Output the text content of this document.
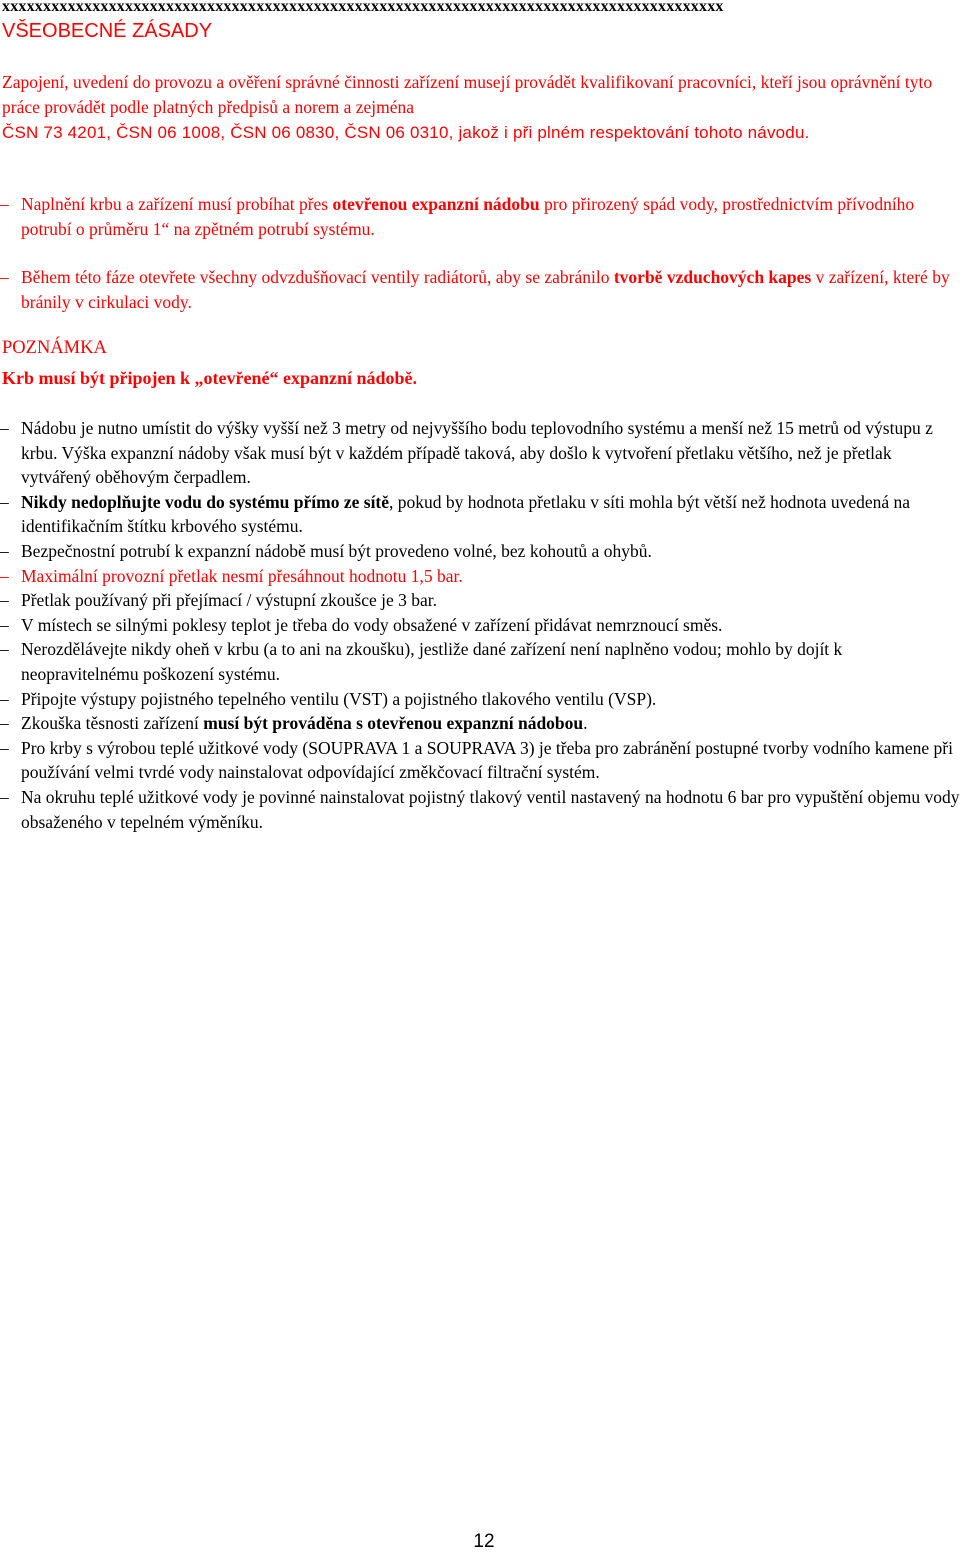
xxxxxxxxxxxxxxxxxxxxxxxxxxxxxxxxxxxxxxxxxxxxxxxxxxxxxxxxxxxxxxxxxxxxxxxxxxxxxxxxxxxxxxxx
VŠEOBECNÉ ZÁSADY
Zapojení, uvedení do provozu a ověření správné činnosti zařízení musejí provádět kvalifikovaní pracovníci, kteří jsou oprávnění tyto práce provádět podle platných předpisů a norem a zejména
ČSN 73 4201, ČSN 06 1008, ČSN 06 0830, ČSN 06 0310, jakož i při plném respektování tohoto návodu.
– Naplnění krbu a zařízení musí probíhat přes otevřenou expanzní nádobu pro přirozený spád vody, prostřednictvím přívodního potrubí o průměru 1“ na zpětném potrubí systému.
– Během této fáze otevřete všechny odvzdušňovací ventily radiátorů, aby se zabránilo tvorbě vzduchových kapes v zařízení, které by bránily v cirkulaci vody.
POZNÁMKA
Krb musí být připojen k „otevřené“ expanzní nádobě.
– Nádobu je nutno umístit do výšky vyšší než 3 metry od nejvyššího bodu teplovodního systému a menší než 15 metrů od výstupu z krbu. Výška expanzní nádoby však musí být v každém případě taková, aby došlo k vytvoření přetlaku většího, než je přetlak vytvářený oběhovým čerpadlem.
– Nikdy nedoplňujte vodu do systému přímo ze sítě, pokud by hodnota přetlaku v síti mohla být větší než hodnota uvedená na identifikačním štítku krbového systému.
– Bezpečnostní potrubí k expanzní nádobě musí být provedeno volné, bez kohoutů a ohybů.
– Maximální provozní přetlak nesmí přesáhnout hodnotu 1,5 bar.
– Přetlak používaný při přejímací / výstupní zkoušce je 3 bar.
– V místech se silnými poklesy teplot je třeba do vody obsažené v zařízení přidávat nemrznoucí směs.
– Nerozdělávejte nikdy oheň v krbu (a to ani na zkoušku), jestliže dané zařízení není naplněno vodou; mohlo by dojít k neopravitelnému poškození systému.
– Připojte výstupy pojistného tepelného ventilu (VST) a pojistného tlakového ventilu (VSP).
– Zkouška těsnosti zařízení musí být prováděna s otevřenou expanzní nádobou.
– Pro krby s výrobou teplé užitkové vody (SOUPRAVA 1 a SOUPRAVA 3) je třeba pro zabránění postupné tvorby vodního kamene při používání velmi tvrdé vody nainstalovat odpovídající změkčovací filtrační systém.
– Na okruhu teplé užitkové vody je povinné nainstalovat pojistný tlakový ventil nastavený na hodnotu 6 bar pro vypuštění objemu vody obsaženého v tepelném výměníku.
12
